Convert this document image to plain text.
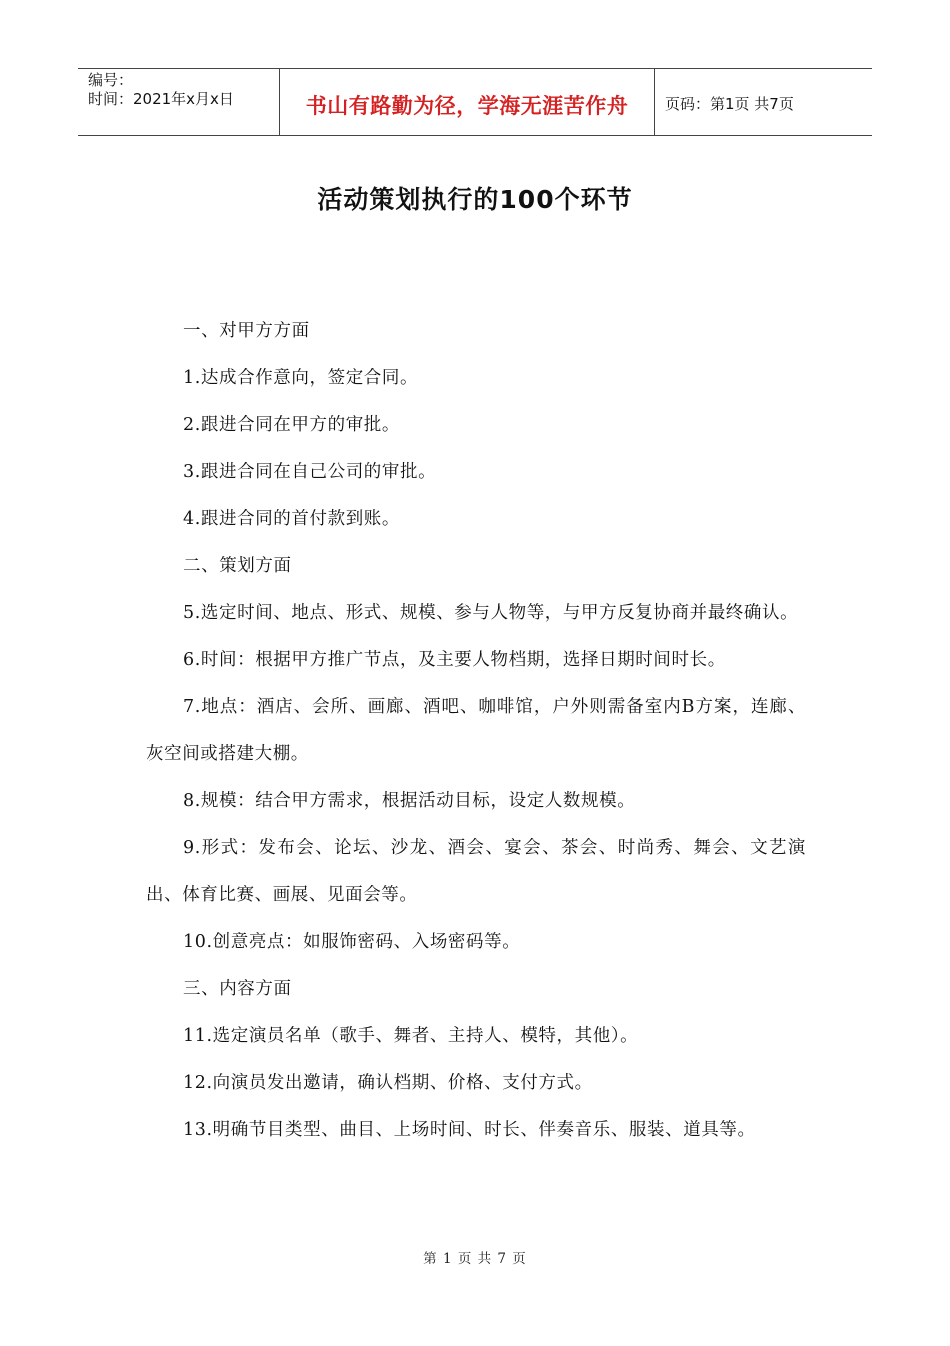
编号：
时间：2021年x月x日	书山有路勤为径，学海无涯苦作舟 页码：第1页 共7页
活动策划执行的100个环节

一、对甲方方面

1.达成合作意向，签定合同。

2.跟进合同在甲方的审批。

3.跟进合同在自己公司的审批。

4.跟进合同的首付款到账。

二、策划方面

5.选定时间、地点、形式、规模、参与人物等，与甲方反复协商并最终确认。

6.时间：根据甲方推广节点，及主要人物档期，选择日期时间时长。

7.地点：酒店、会所、画廊、酒吧、咖啡馆，户外则需备室内B方案，连廊、灰空间或搭建大棚。

8.规模：结合甲方需求，根据活动目标，设定人数规模。

9.形式：发布会、论坛、沙龙、酒会、宴会、茶会、时尚秀、舞会、文艺演出、体育比赛、画展、见面会等。

10.创意亮点：如服饰密码、入场密码等。

三、内容方面

11.选定演员名单（歌手、舞者、主持人、模特，其他）。

12.向演员发出邀请，确认档期、价格、支付方式。

13.明确节目类型、曲目、上场时间、时长、伴奏音乐、服装、道具等。

第 1 页 共 7 页
